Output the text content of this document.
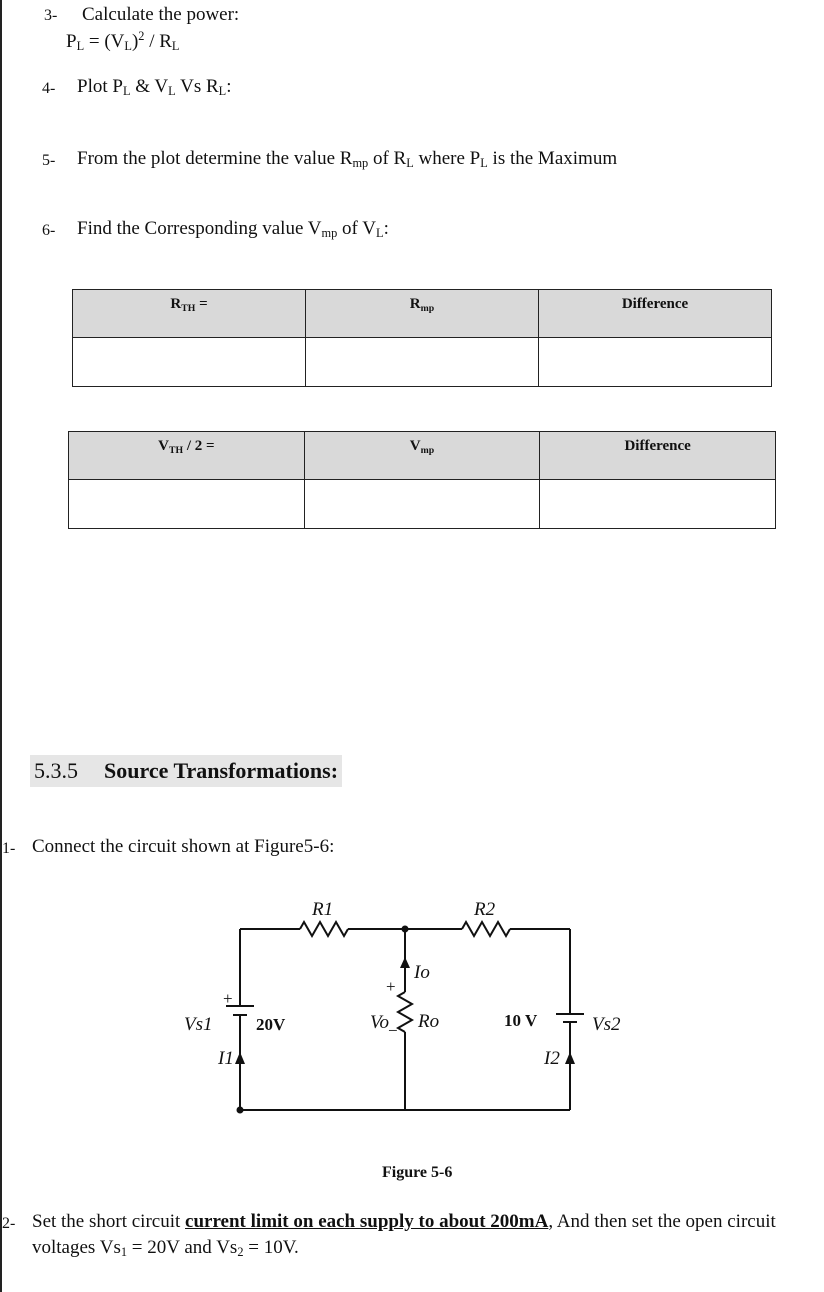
3- Calculate the power:
$P_L = (V_L)^2 / R_L$
4- Plot $P_L$ & $V_L$ Vs $R_L$:
5- From the plot determine the value $R_{mp}$ of $R_L$ where $P_L$ is the Maximum
6- Find the Corresponding value $V_{mp}$ of $V_L$:
$R_{TH}$ =	$R_{mp}$	Difference

$V_{TH} / 2$ =	$V_{mp}$	Difference

5.3.5 Source Transformations:
1- Connect the circuit shown at Figure5-6:
R1	R2
Io
Ro
Vo
Vs1
I1
Vs2
I2
20V	10 V
+
+
−
Figure 5-6
2- Set the short circuit current limit on each supply to about 200mA, And then set the open circuit
voltages $Vs_1 = 20V$ and $Vs_2 = 10V$.
